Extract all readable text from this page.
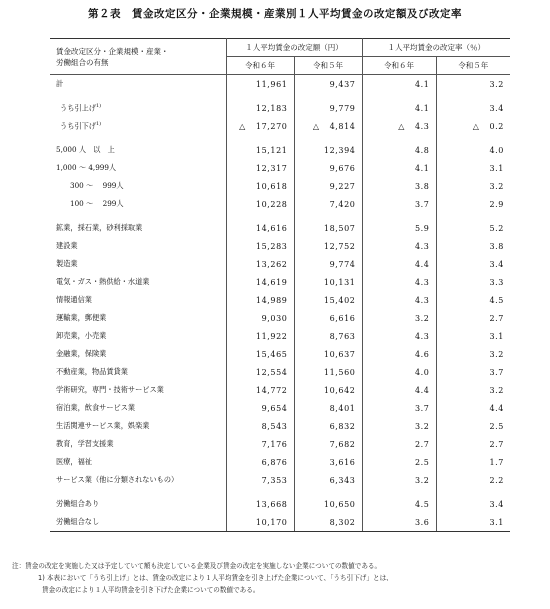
第２表　賃金改定区分・企業規模・産業別１人平均賃金の改定額及び改定率
賃金改定区分・企業規模・産業・
労働組合の有無	１人平均賃金の改定額（円）		１人平均賃金の改定率（％）	
	令和６年	令和５年	令和６年	令和５年
計	11,961	9,437	4.1	3.2

うち引上げ$^{1)}$	12,183	9,779	4.1	3.4
うち引下げ$^{1)}$	△ 17,270	△ 4,814	△ 4.3	△ 0.2

5,000 人　以　上	15,121	12,394	4.8	4.0
1,000 ～ 4,999人	12,317	9,676	4.1	3.1
300 ～　 999人	10,618	9,227	3.8	3.2
100 ～　 299人	10,228	7,420	3.7	2.9

鉱業，採石業，砂利採取業	14,616	18,507	5.9	5.2
建設業	15,283	12,752	4.3	3.8
製造業	13,262	9,774	4.4	3.4
電気・ガス・熱供給・水道業	14,619	10,131	4.3	3.3
情報通信業	14,989	15,402	4.3	4.5
運輸業，郵便業	9,030	6,616	3.2	2.7
卸売業，小売業	11,922	8,763	4.3	3.1
金融業，保険業	15,465	10,637	4.6	3.2
不動産業，物品賃貸業	12,554	11,560	4.0	3.7
学術研究，専門・技術サービス業	14,772	10,642	4.4	3.2
宿泊業，飲食サービス業	9,654	8,401	3.7	4.4
生活関連サービス業，娯楽業	8,543	6,832	3.2	2.5
教育，学習支援業	7,176	7,682	2.7	2.7
医療，福祉	6,876	3,616	2.5	1.7
サービス業（他に分類されないもの）	7,353	6,343	3.2	2.2

労働組合あり	13,668	10,650	4.5	3.4
労働組合なし	10,170	8,302	3.6	3.1
注：賃金の改定を実施した又は予定していて額も決定している企業及び賃金の改定を実施しない企業についての数値である。
1) 本表において「うち引上げ」とは、賃金の改定により１人平均賃金を引き上げた企業について、「うち引下げ」とは、
賃金の改定により１人平均賃金を引き下げた企業についての数値である。
